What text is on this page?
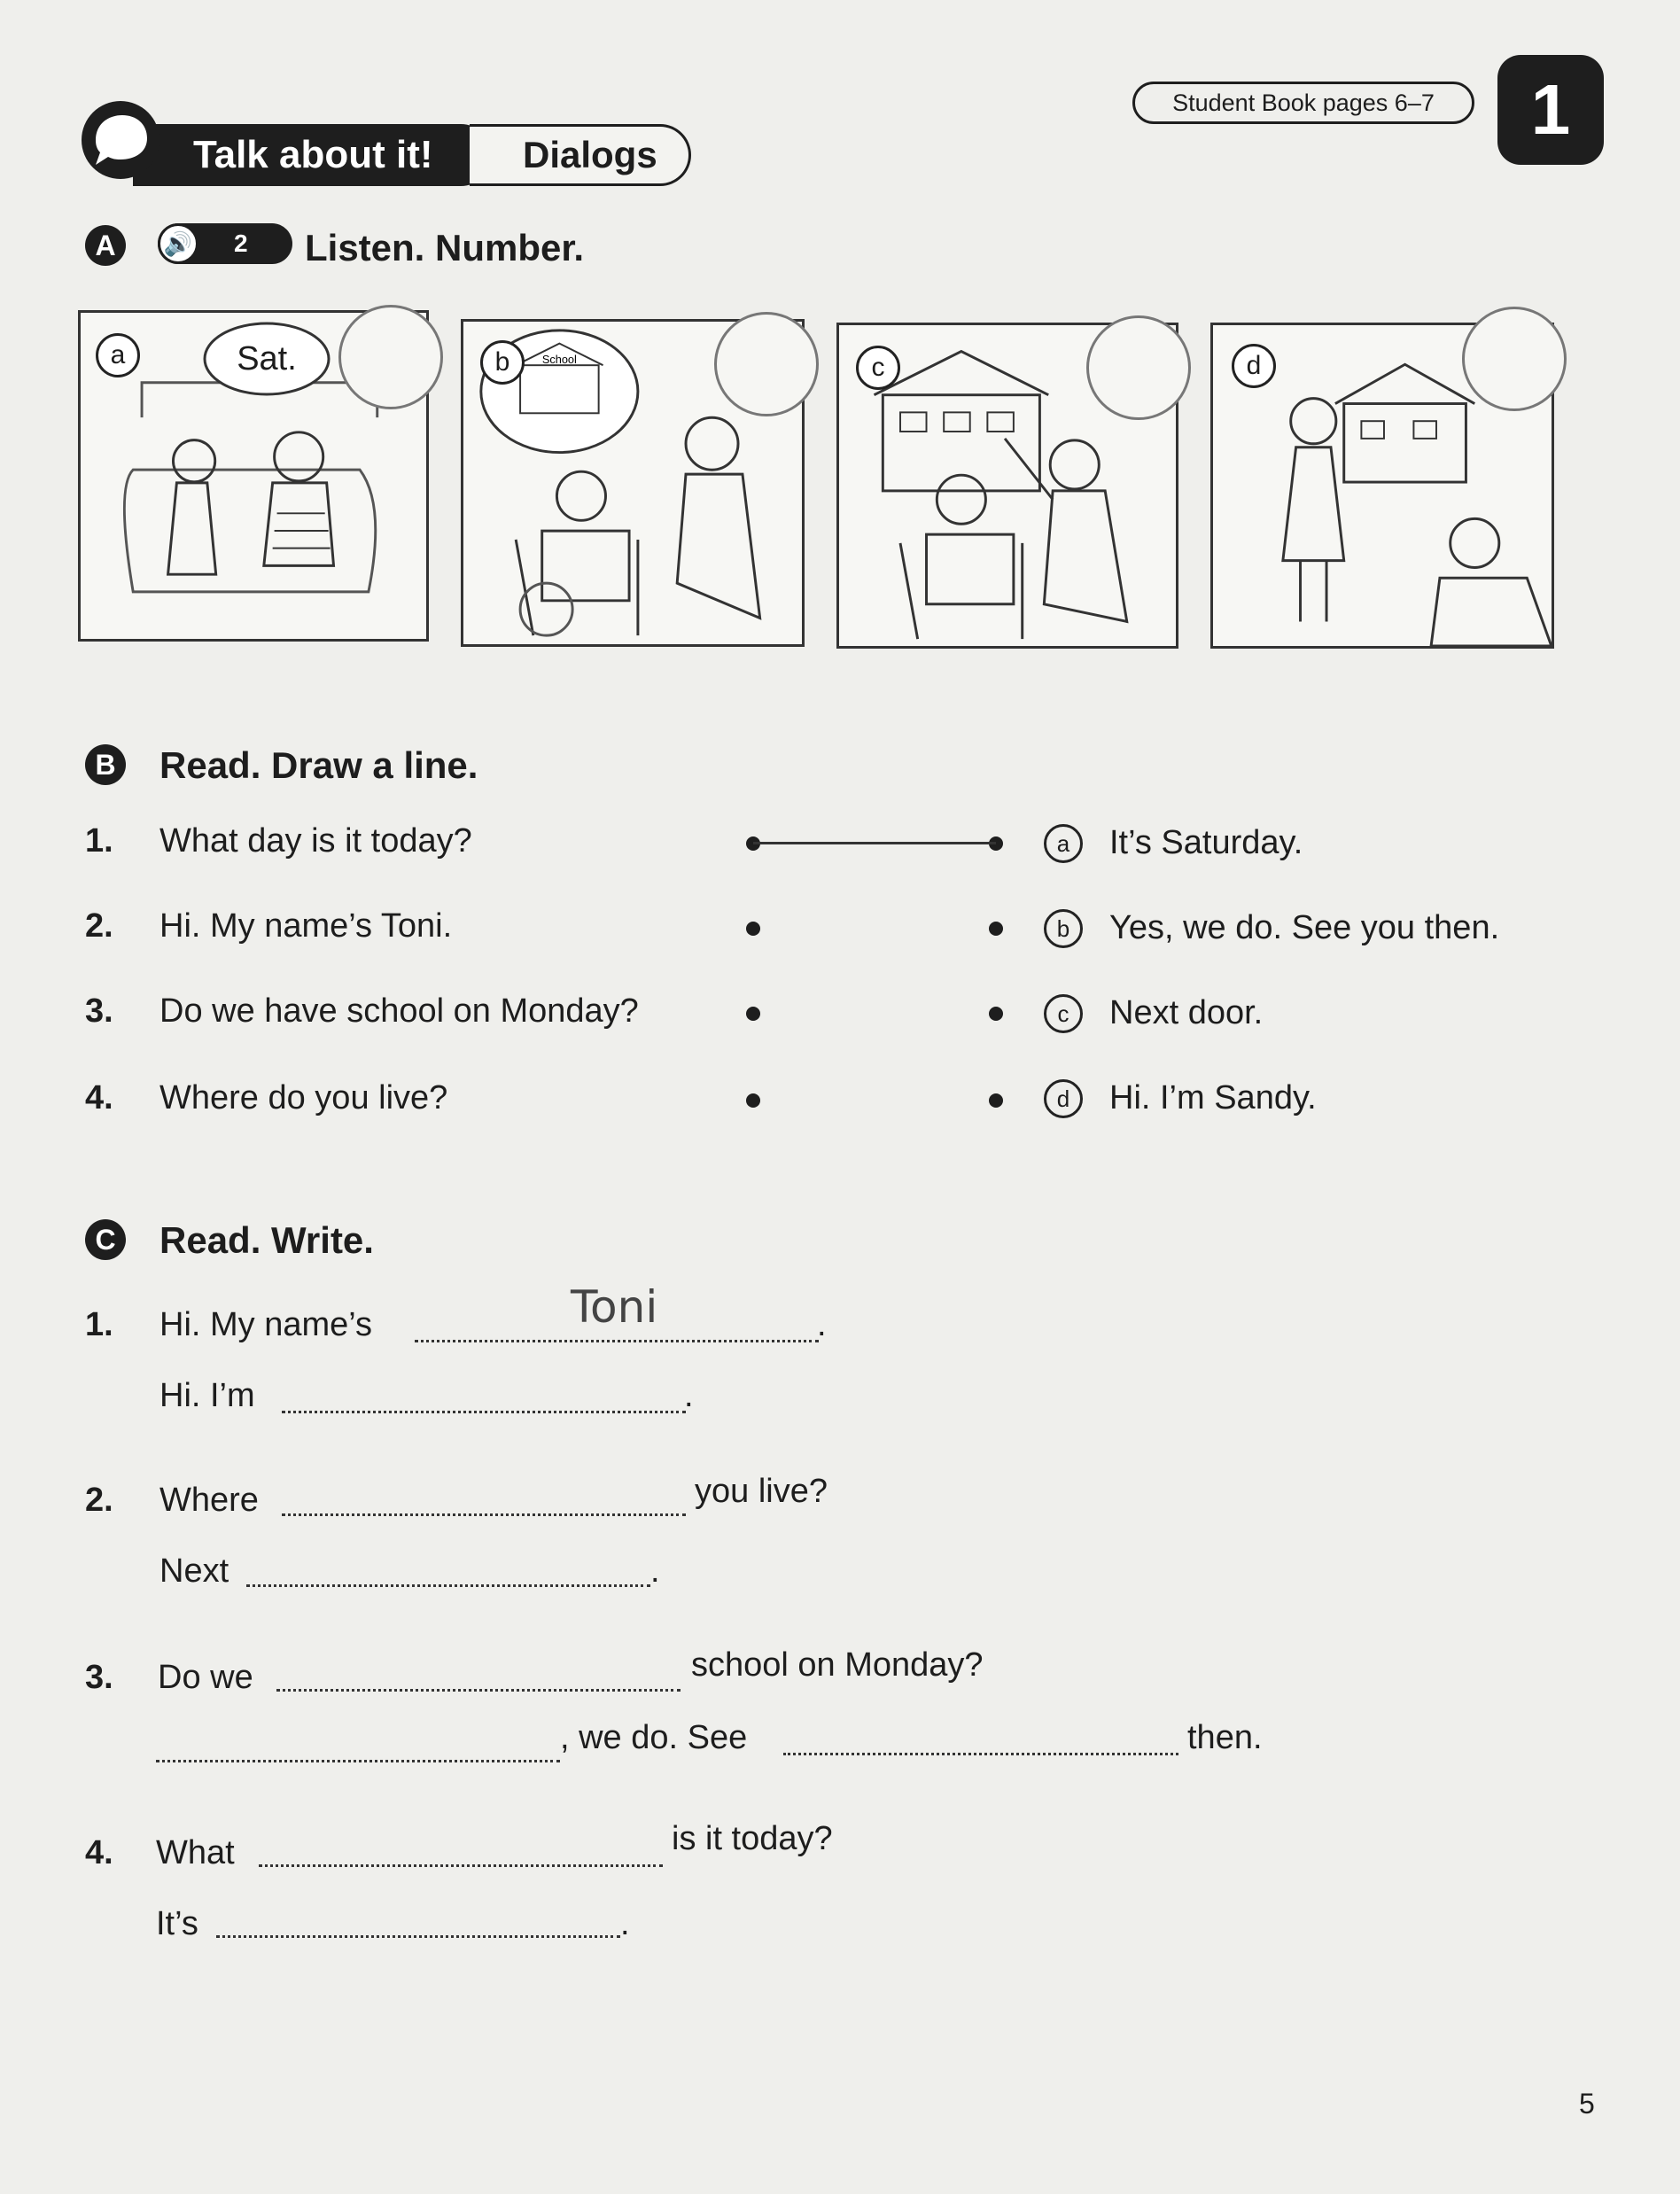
Talk about it!	Dialogs
Student Book pages 6–7	1
A	🔊 2 Listen. Number.
Sat.
a	School
b	c	d
B Read. Draw a line.
1. What day is it today?
2. Hi. My name’s Toni.
3. Do we have school on Monday?
4. Where do you live?
a	It’s Saturday.
b	Yes, we do. See you then.
c	Next door.
d	Hi. I’m Sandy.
C Read. Write.
1. Hi. My name’s	Toni	.
Hi. I’m	.
2. Where	you live?
Next	.
3. Do we	school on Monday?
, we do. See	then.
4. What	is it today?
It’s	.
5
